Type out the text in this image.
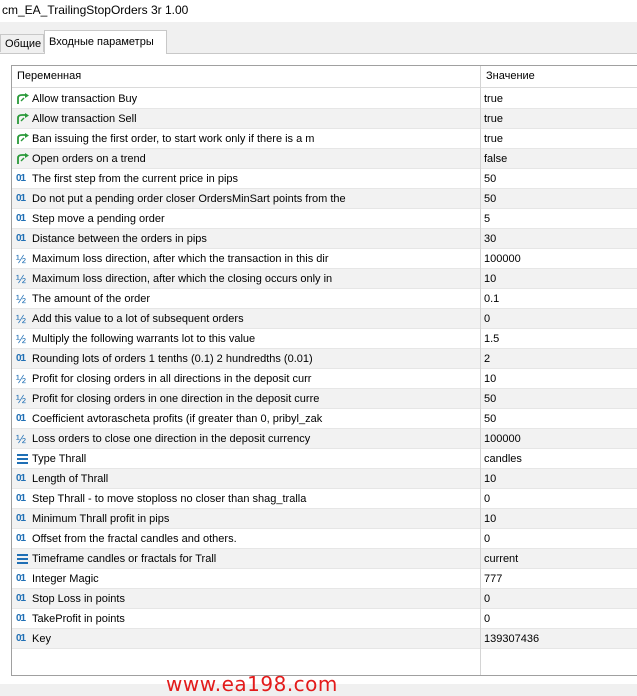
cm_EA_TrailingStopOrders 3r 1.00
Общие Входные параметры
Переменная	Значение
Allow transaction Buy	true
Allow transaction Sell	true
Ban issuing the first order, to start work only if there is a m	true
Open orders on a trend	false
01 The first step from the current price in pips	50
01 Do not put a pending order closer OrdersMinSart points from the	50
01 Step move a pending order	5
01 Distance between the orders in pips	30
½ Maximum loss direction, after which the transaction in this dir	100000
½ Maximum loss direction, after which the closing occurs only in	10
½ The amount of the order	0.1
½ Add this value to a lot of subsequent orders	0
½ Multiply the following warrants lot to this value	1.5
01 Rounding lots of orders 1 tenths (0.1) 2 hundredths (0.01)	2
½ Profit for closing orders in all directions in the deposit curr	10
½ Profit for closing orders in one direction in the deposit curre	50
01 Coefficient avtorascheta profits (if greater than 0, pribyl_zak	50
½ Loss orders to close one direction in the deposit currency	100000
Type Thrall	candles
01 Length of Thrall	10
01 Step Thrall - to move stoploss no closer than shag_tralla	0
01 Minimum Thrall profit in pips	10
01 Offset from the fractal candles and others.	0
Timeframe candles or fractals for Trall	current
01 Integer Magic	777
01 Stop Loss in points	0
01 TakeProfit in points	0
01 Key	139307436
www.ea198.com
